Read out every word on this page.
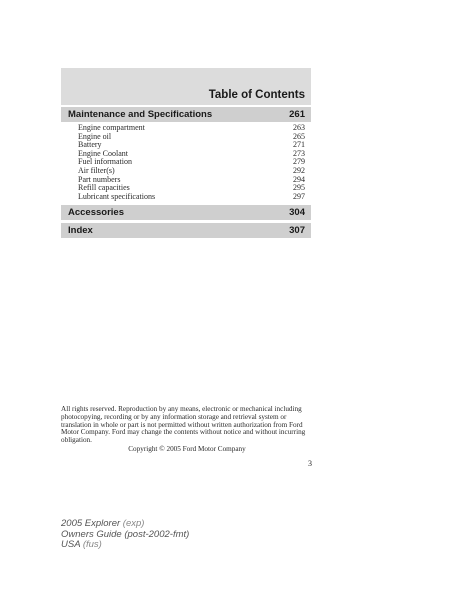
Table of Contents
Maintenance and Specifications	261
Engine compartment	263
Engine oil	265
Battery	271
Engine Coolant	273
Fuel information	279
Air filter(s)	292
Part numbers	294
Refill capacities	295
Lubricant specifications	297
Accessories	304
Index	307
All rights reserved. Reproduction by any means, electronic or mechanical including photocopying, recording or by any information storage and retrieval system or translation in whole or part is not permitted without written authorization from Ford Motor Company. Ford may change the contents without notice and without incurring obligation.
Copyright © 2005 Ford Motor Company
3
2005 Explorer (exp)
Owners Guide (post-2002-fmt)
USA (fus)
